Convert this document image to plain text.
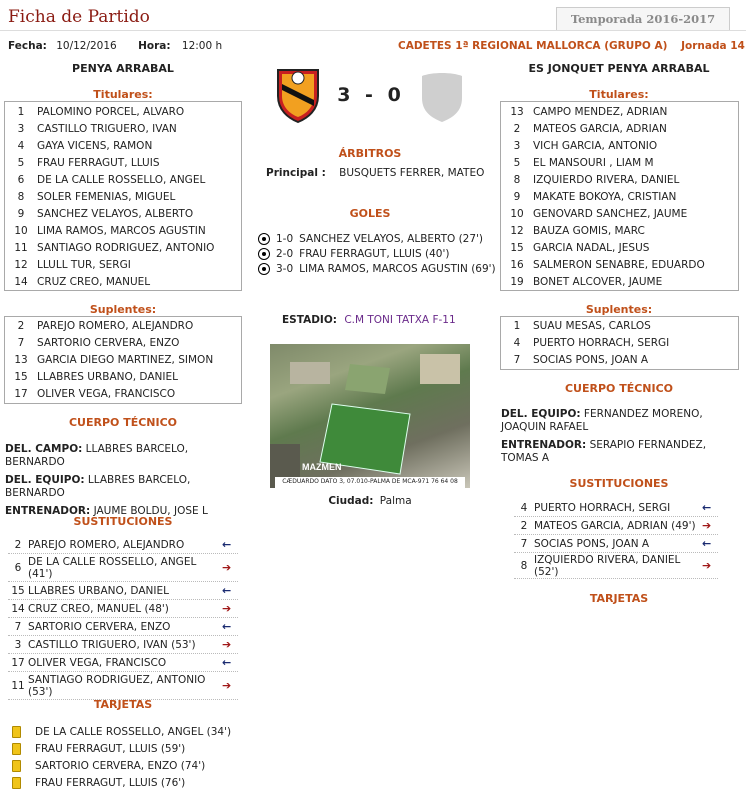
Ficha de Partido	Temporada 2016-2017
Fecha: 10/12/2016 Hora: 12:00 h	CADETES 1ª REGIONAL MALLORCA (GRUPO A) Jornada 14
PENYA ARRABAL
Titulares:
1 PALOMINO PORCEL, ALVARO
3 CASTILLO TRIGUERO, IVAN
4 GAYA VICENS, RAMON
5 FRAU FERRAGUT, LLUIS
6 DE LA CALLE ROSSELLO, ANGEL
8 SOLER FEMENIAS, MIGUEL
9 SANCHEZ VELAYOS, ALBERTO
10 LIMA RAMOS, MARCOS AGUSTIN
11 SANTIAGO RODRIGUEZ, ANTONIO
12 LLULL TUR, SERGI
14 CRUZ CREO, MANUEL
Suplentes:
2 PAREJO ROMERO, ALEJANDRO
7 SARTORIO CERVERA, ENZO
13 GARCIA DIEGO MARTINEZ, SIMON
15 LLABRES URBANO, DANIEL
17 OLIVER VEGA, FRANCISCO
CUERPO TÉCNICO
DEL. CAMPO: LLABRES BARCELO, BERNARDO
DEL. EQUIPO: LLABRES BARCELO, BERNARDO
ENTRENADOR: JAUME BOLDU, JOSE L
SUSTITUCIONES
2 PAREJO ROMERO, ALEJANDRO	←
6 DE LA CALLE ROSSELLO, ANGEL (41')	➔
15 LLABRES URBANO, DANIEL	←
14 CRUZ CREO, MANUEL (48')	➔
7 SARTORIO CERVERA, ENZO	←
3 CASTILLO TRIGUERO, IVAN (53')	➔
17 OLIVER VEGA, FRANCISCO	←
11 SANTIAGO RODRIGUEZ, ANTONIO (53')	➔
TARJETAS
DE LA CALLE ROSSELLO, ANGEL (34')
FRAU FERRAGUT, LLUIS (59')
SARTORIO CERVERA, ENZO (74')
FRAU FERRAGUT, LLUIS (76')
3 - 0
ÁRBITROS
Principal : BUSQUETS FERRER, MATEO
GOLES
1-0 SANCHEZ VELAYOS, ALBERTO (27')
2-0 FRAU FERRAGUT, LLUIS (40')
3-0 LIMA RAMOS, MARCOS AGUSTIN (69')
ESTADIO: C.M TONI TATXA F-11
MAZMEN
CÆDUARDO DATO 3, 07.010-PALMA DE MCA-971 76 64 08
Ciudad: Palma
ES JONQUET PENYA ARRABAL
Titulares:
13 CAMPO MENDEZ, ADRIAN
2 MATEOS GARCIA, ADRIAN
3 VICH GARCIA, ANTONIO
5 EL MANSOURI , LIAM M
8 IZQUIERDO RIVERA, DANIEL
9 MAKATE BOKOYA, CRISTIAN
10 GENOVARD SANCHEZ, JAUME
12 BAUZA GOMIS, MARC
15 GARCIA NADAL, JESUS
16 SALMERON SENABRE, EDUARDO
19 BONET ALCOVER, JAUME
Suplentes:
1 SUAU MESAS, CARLOS
4 PUERTO HORRACH, SERGI
7 SOCIAS PONS, JOAN A
CUERPO TÉCNICO
DEL. EQUIPO: FERNANDEZ MORENO, JOAQUIN RAFAEL
ENTRENADOR: SERAPIO FERNANDEZ, TOMAS A
SUSTITUCIONES
4 PUERTO HORRACH, SERGI	←
2 MATEOS GARCIA, ADRIAN (49') ➔
7 SOCIAS PONS, JOAN A	←
8 IZQUIERDO RIVERA, DANIEL (52')	➔
TARJETAS
